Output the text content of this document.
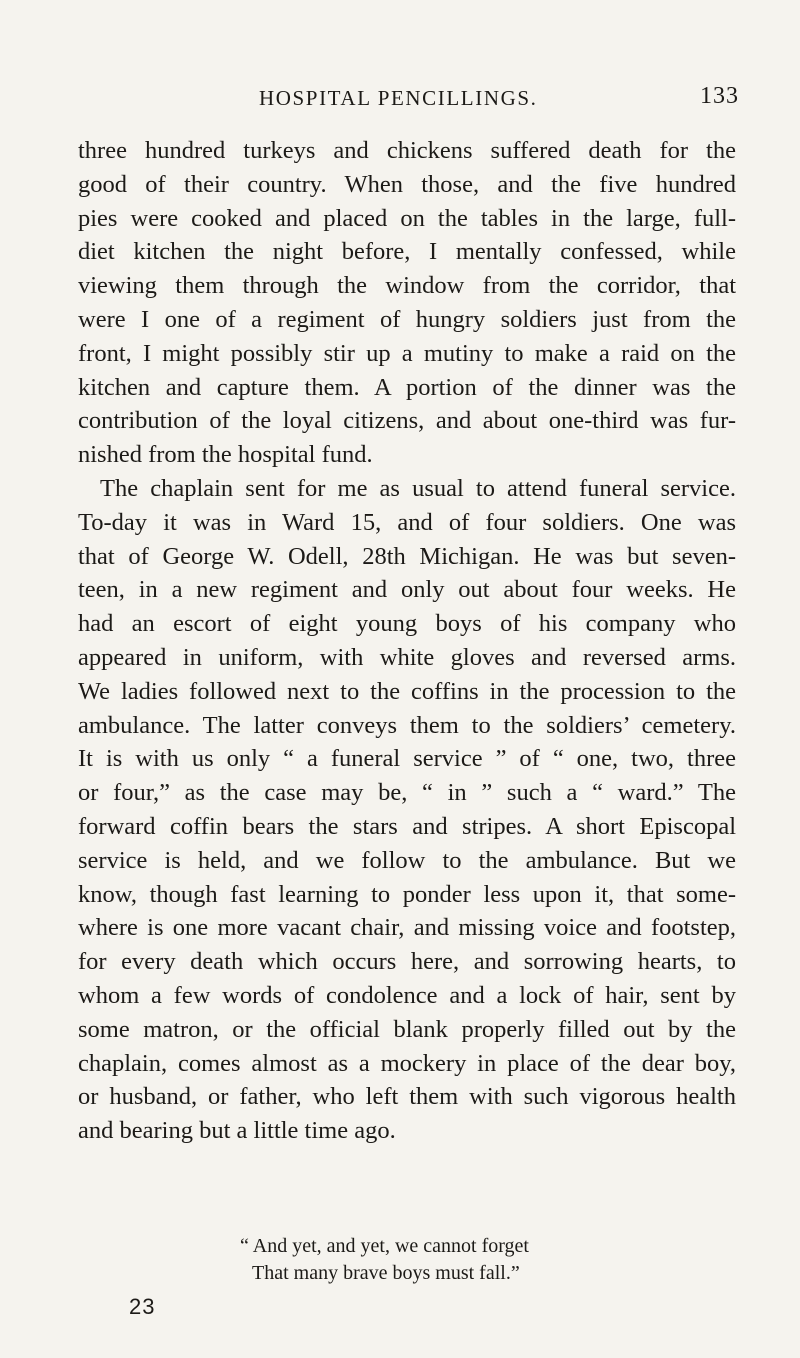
HOSPITAL PENCILLINGS.	133
three hundred turkeys and chickens suffered death for the
good of their country. When those, and the five hundred
pies were cooked and placed on the tables in the large, full-
diet kitchen the night before, I mentally confessed, while
viewing them through the window from the corridor, that
were I one of a regiment of hungry soldiers just from the
front, I might possibly stir up a mutiny to make a raid on the
kitchen and capture them. A portion of the dinner was the
contribution of the loyal citizens, and about one-third was fur-
nished from the hospital fund.
The chaplain sent for me as usual to attend funeral service.
To-day it was in Ward 15, and of four soldiers. One was
that of George W. Odell, 28th Michigan. He was but seven-
teen, in a new regiment and only out about four weeks. He
had an escort of eight young boys of his company who
appeared in uniform, with white gloves and reversed arms.
We ladies followed next to the coffins in the procession to the
ambulance. The latter conveys them to the soldiers’ cemetery.
It is with us only “ a funeral service ” of “ one, two, three
or four,” as the case may be, “ in ” such a “ ward.” The
forward coffin bears the stars and stripes. A short Episcopal
service is held, and we follow to the ambulance. But we
know, though fast learning to ponder less upon it, that some-
where is one more vacant chair, and missing voice and footstep,
for every death which occurs here, and sorrowing hearts, to
whom a few words of condolence and a lock of hair, sent by
some matron, or the official blank properly filled out by the
chaplain, comes almost as a mockery in place of the dear boy,
or husband, or father, who left them with such vigorous health
and bearing but a little time ago.
“ And yet, and yet, we cannot forget
That many brave boys must fall.”
23
